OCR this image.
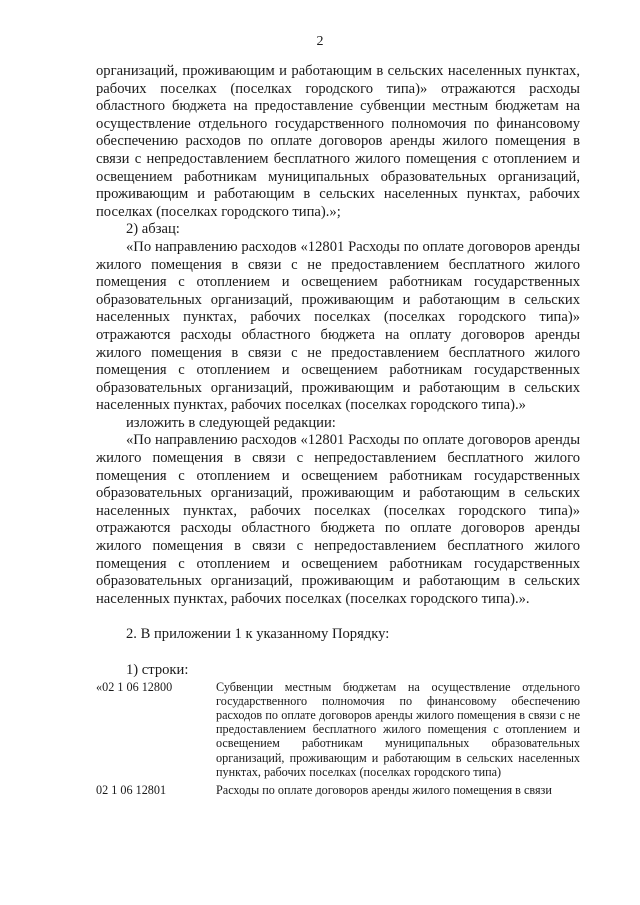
2

организаций, проживающим и работающим в сельских населенных пунктах, рабочих поселках (поселках городского типа)» отражаются расходы областного бюджета на предоставление субвенции местным бюджетам на осуществление отдельного государственного полномочия по финансовому обеспечению расходов по оплате договоров аренды жилого помещения в связи с непредоставлением бесплатного жилого помещения с отоплением и освещением работникам муниципальных образовательных организаций, проживающим и работающим в сельских населенных пунктах, рабочих поселках (поселках городского типа).»;

2) абзац:

«По направлению расходов «12801 Расходы по оплате договоров аренды жилого помещения в связи с не предоставлением бесплатного жилого помещения с отоплением и освещением работникам государственных образовательных организаций, проживающим и работающим в сельских населенных пунктах, рабочих поселках (поселках городского типа)» отражаются расходы областного бюджета на оплату договоров аренды жилого помещения в связи с не предоставлением бесплатного жилого помещения с отоплением и освещением работникам государственных образовательных организаций, проживающим и работающим в сельских населенных пунктах, рабочих поселках (поселках городского типа).»

изложить в следующей редакции:

«По направлению расходов «12801 Расходы по оплате договоров аренды жилого помещения в связи с непредоставлением бесплатного жилого помещения с отоплением и освещением работникам государственных образовательных организаций, проживающим и работающим в сельских населенных пунктах, рабочих поселках (поселках городского типа)» отражаются расходы областного бюджета по оплате договоров аренды жилого помещения в связи с непредоставлением бесплатного жилого помещения с отоплением и освещением работникам государственных образовательных организаций, проживающим и работающим в сельских населенных пунктах, рабочих поселках (поселках городского типа).».

2. В приложении 1 к указанному Порядку:

1) строки:

«02 1 06 12800	Субвенции местным бюджетам на осуществление отдельного государственного полномочия по финансовому обеспечению расходов по оплате договоров аренды жилого помещения в связи с не предоставлением бесплатного жилого помещения с отоплением и освещением работникам муниципальных образовательных организаций, проживающим и работающим в сельских населенных пунктах, рабочих поселках (поселках городского типа)
02 1 06 12801	Расходы по оплате договоров аренды жилого помещения в связи
